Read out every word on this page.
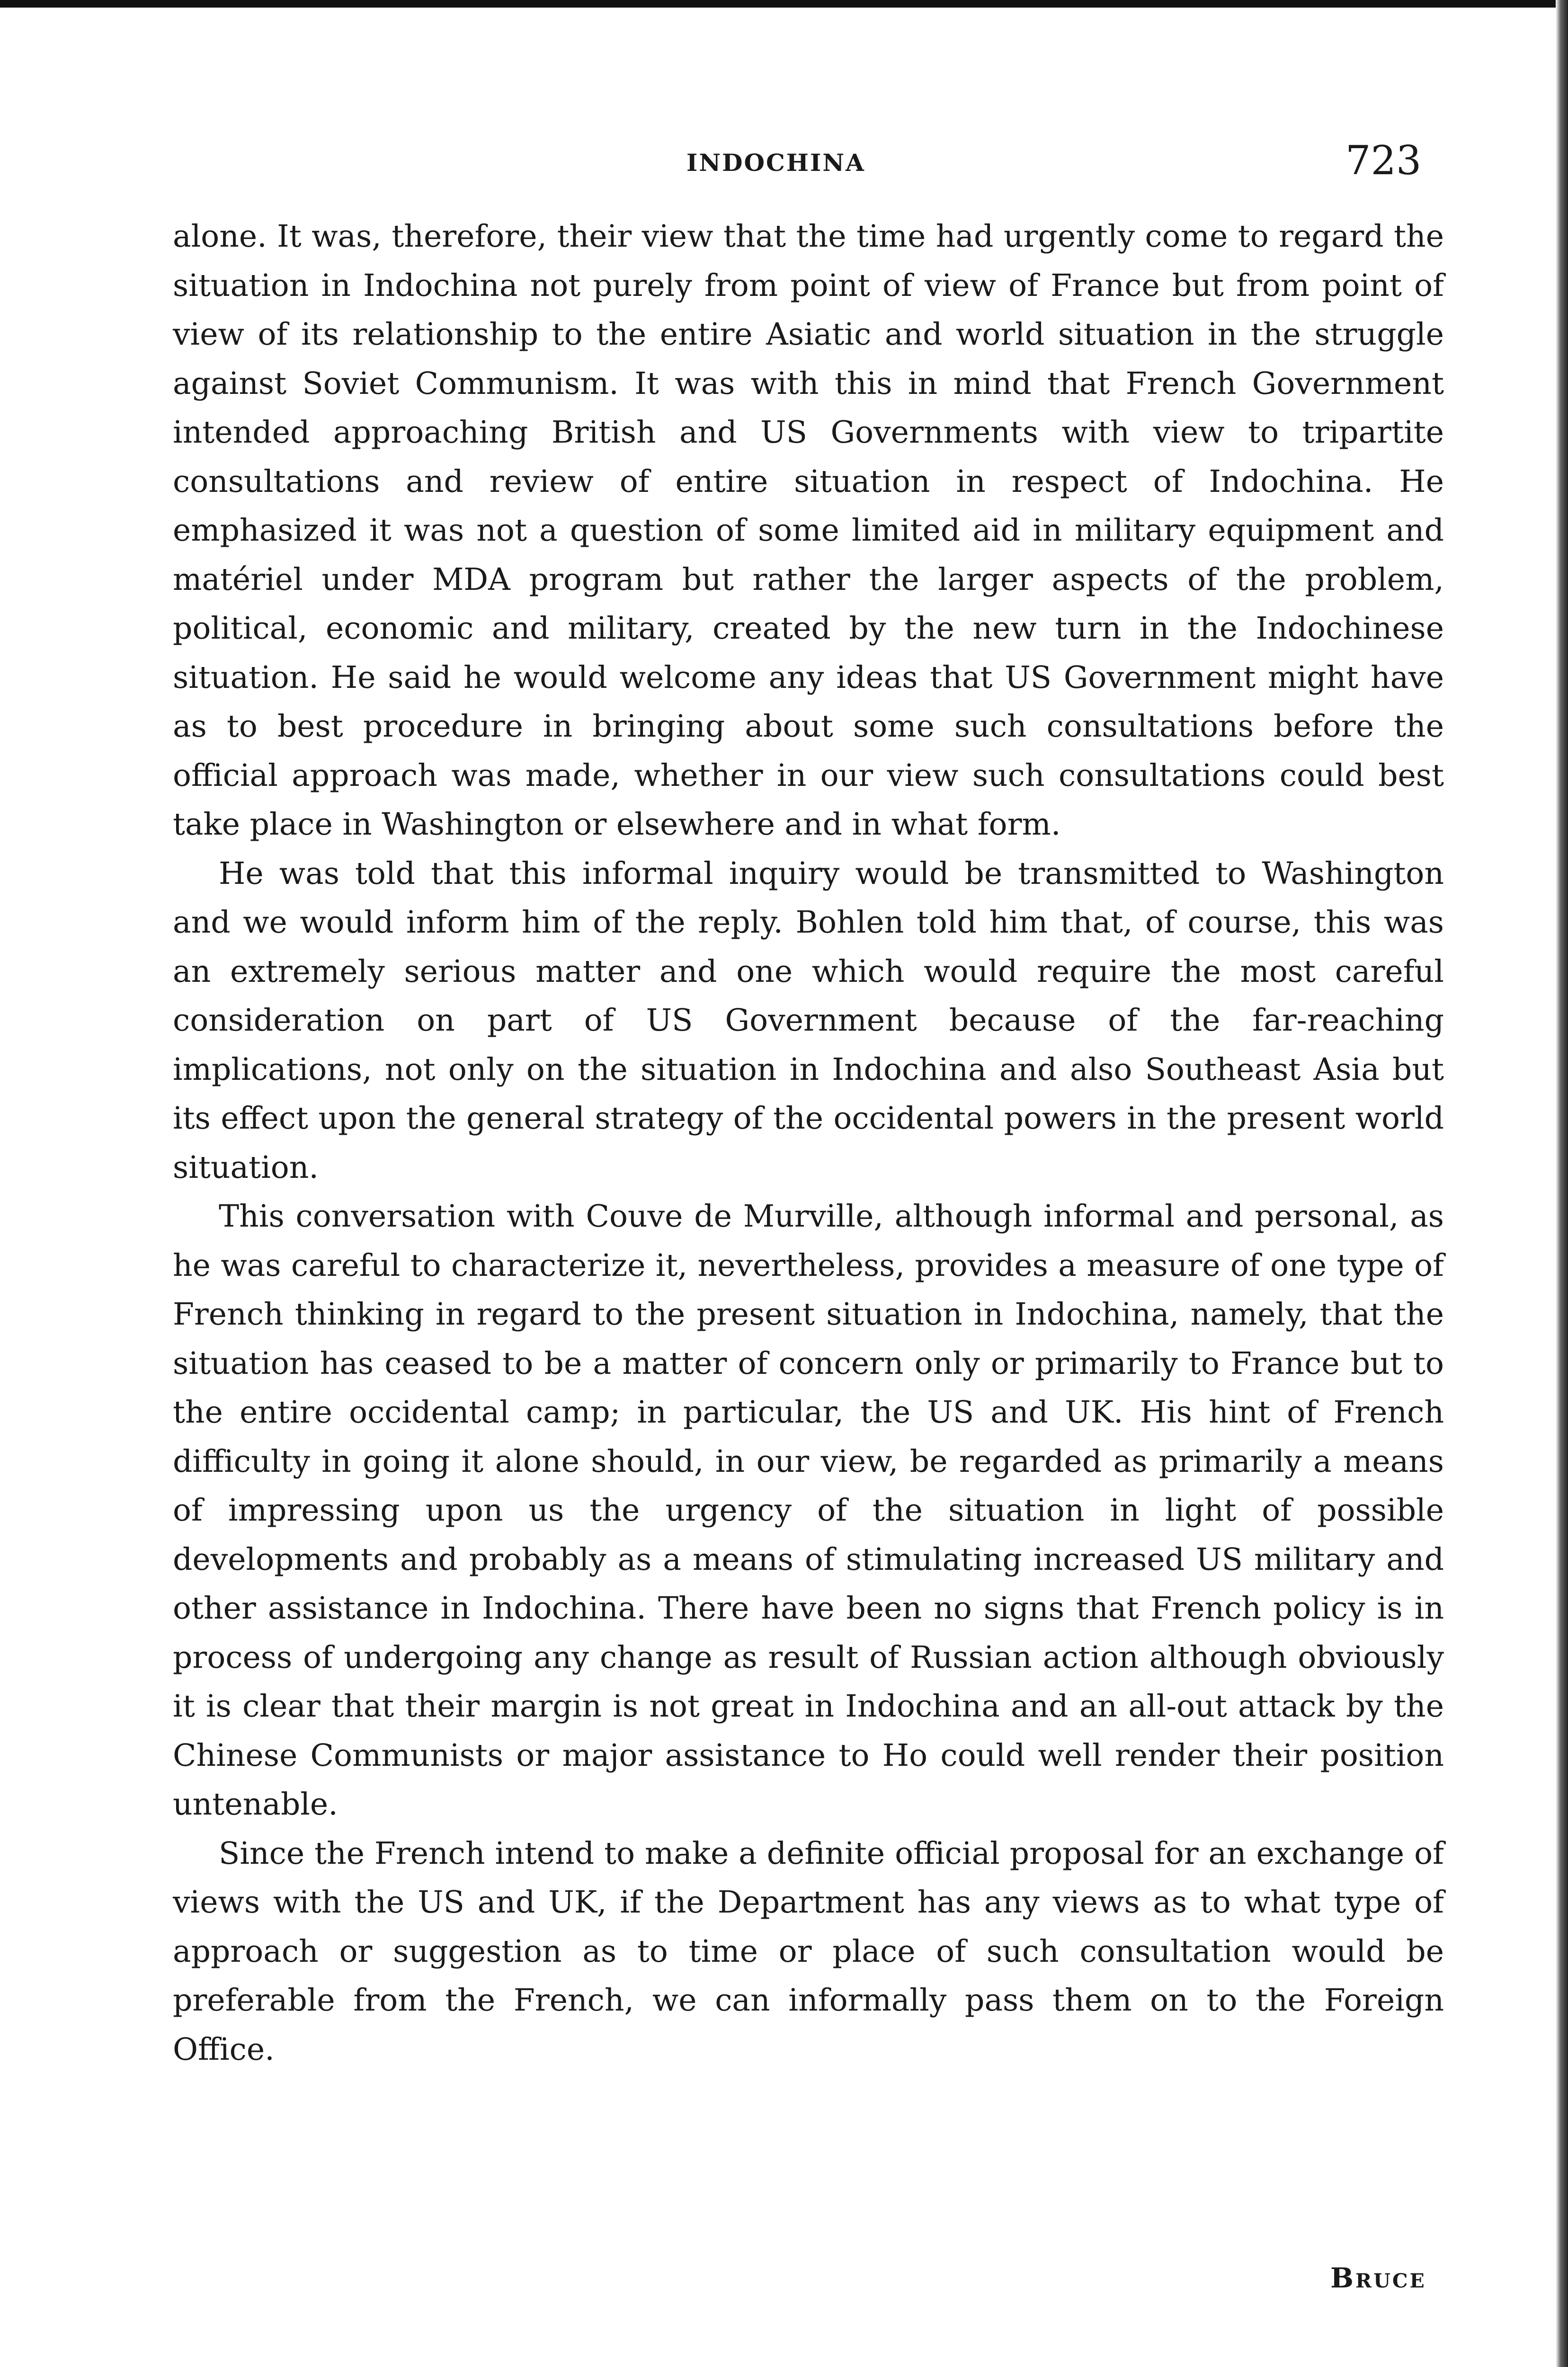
INDOCHINA	723

alone. It was, therefore, their view that the time had urgently come to regard the situation in Indochina not purely from point of view of France but from point of view of its relationship to the entire Asiatic and world situation in the struggle against Soviet Communism. It was with this in mind that French Government intended approaching British and US Governments with view to tripartite consultations and review of entire situation in respect of Indochina. He emphasized it was not a question of some limited aid in military equipment and matériel under MDA program but rather the larger aspects of the problem, political, economic and military, created by the new turn in the Indochinese situation. He said he would welcome any ideas that US Government might have as to best procedure in bringing about some such consultations before the official approach was made, whether in our view such consultations could best take place in Washington or elsewhere and in what form.

He was told that this informal inquiry would be transmitted to Washington and we would inform him of the reply. Bohlen told him that, of course, this was an extremely serious matter and one which would require the most careful consideration on part of US Government because of the far-reaching implications, not only on the situation in Indochina and also Southeast Asia but its effect upon the general strategy of the occidental powers in the present world situation.

This conversation with Couve de Murville, although informal and personal, as he was careful to characterize it, nevertheless, provides a measure of one type of French thinking in regard to the present situation in Indochina, namely, that the situation has ceased to be a matter of concern only or primarily to France but to the entire occidental camp; in particular, the US and UK. His hint of French difficulty in going it alone should, in our view, be regarded as primarily a means of impressing upon us the urgency of the situation in light of possible developments and probably as a means of stimulating increased US military and other assistance in Indochina. There have been no signs that French policy is in process of undergoing any change as result of Russian action although obviously it is clear that their margin is not great in Indochina and an all-out attack by the Chinese Communists or major assistance to Ho could well render their position untenable.

Since the French intend to make a definite official proposal for an exchange of views with the US and UK, if the Department has any views as to what type of approach or suggestion as to time or place of such consultation would be preferable from the French, we can informally pass them on to the Foreign Office.

Bruce
